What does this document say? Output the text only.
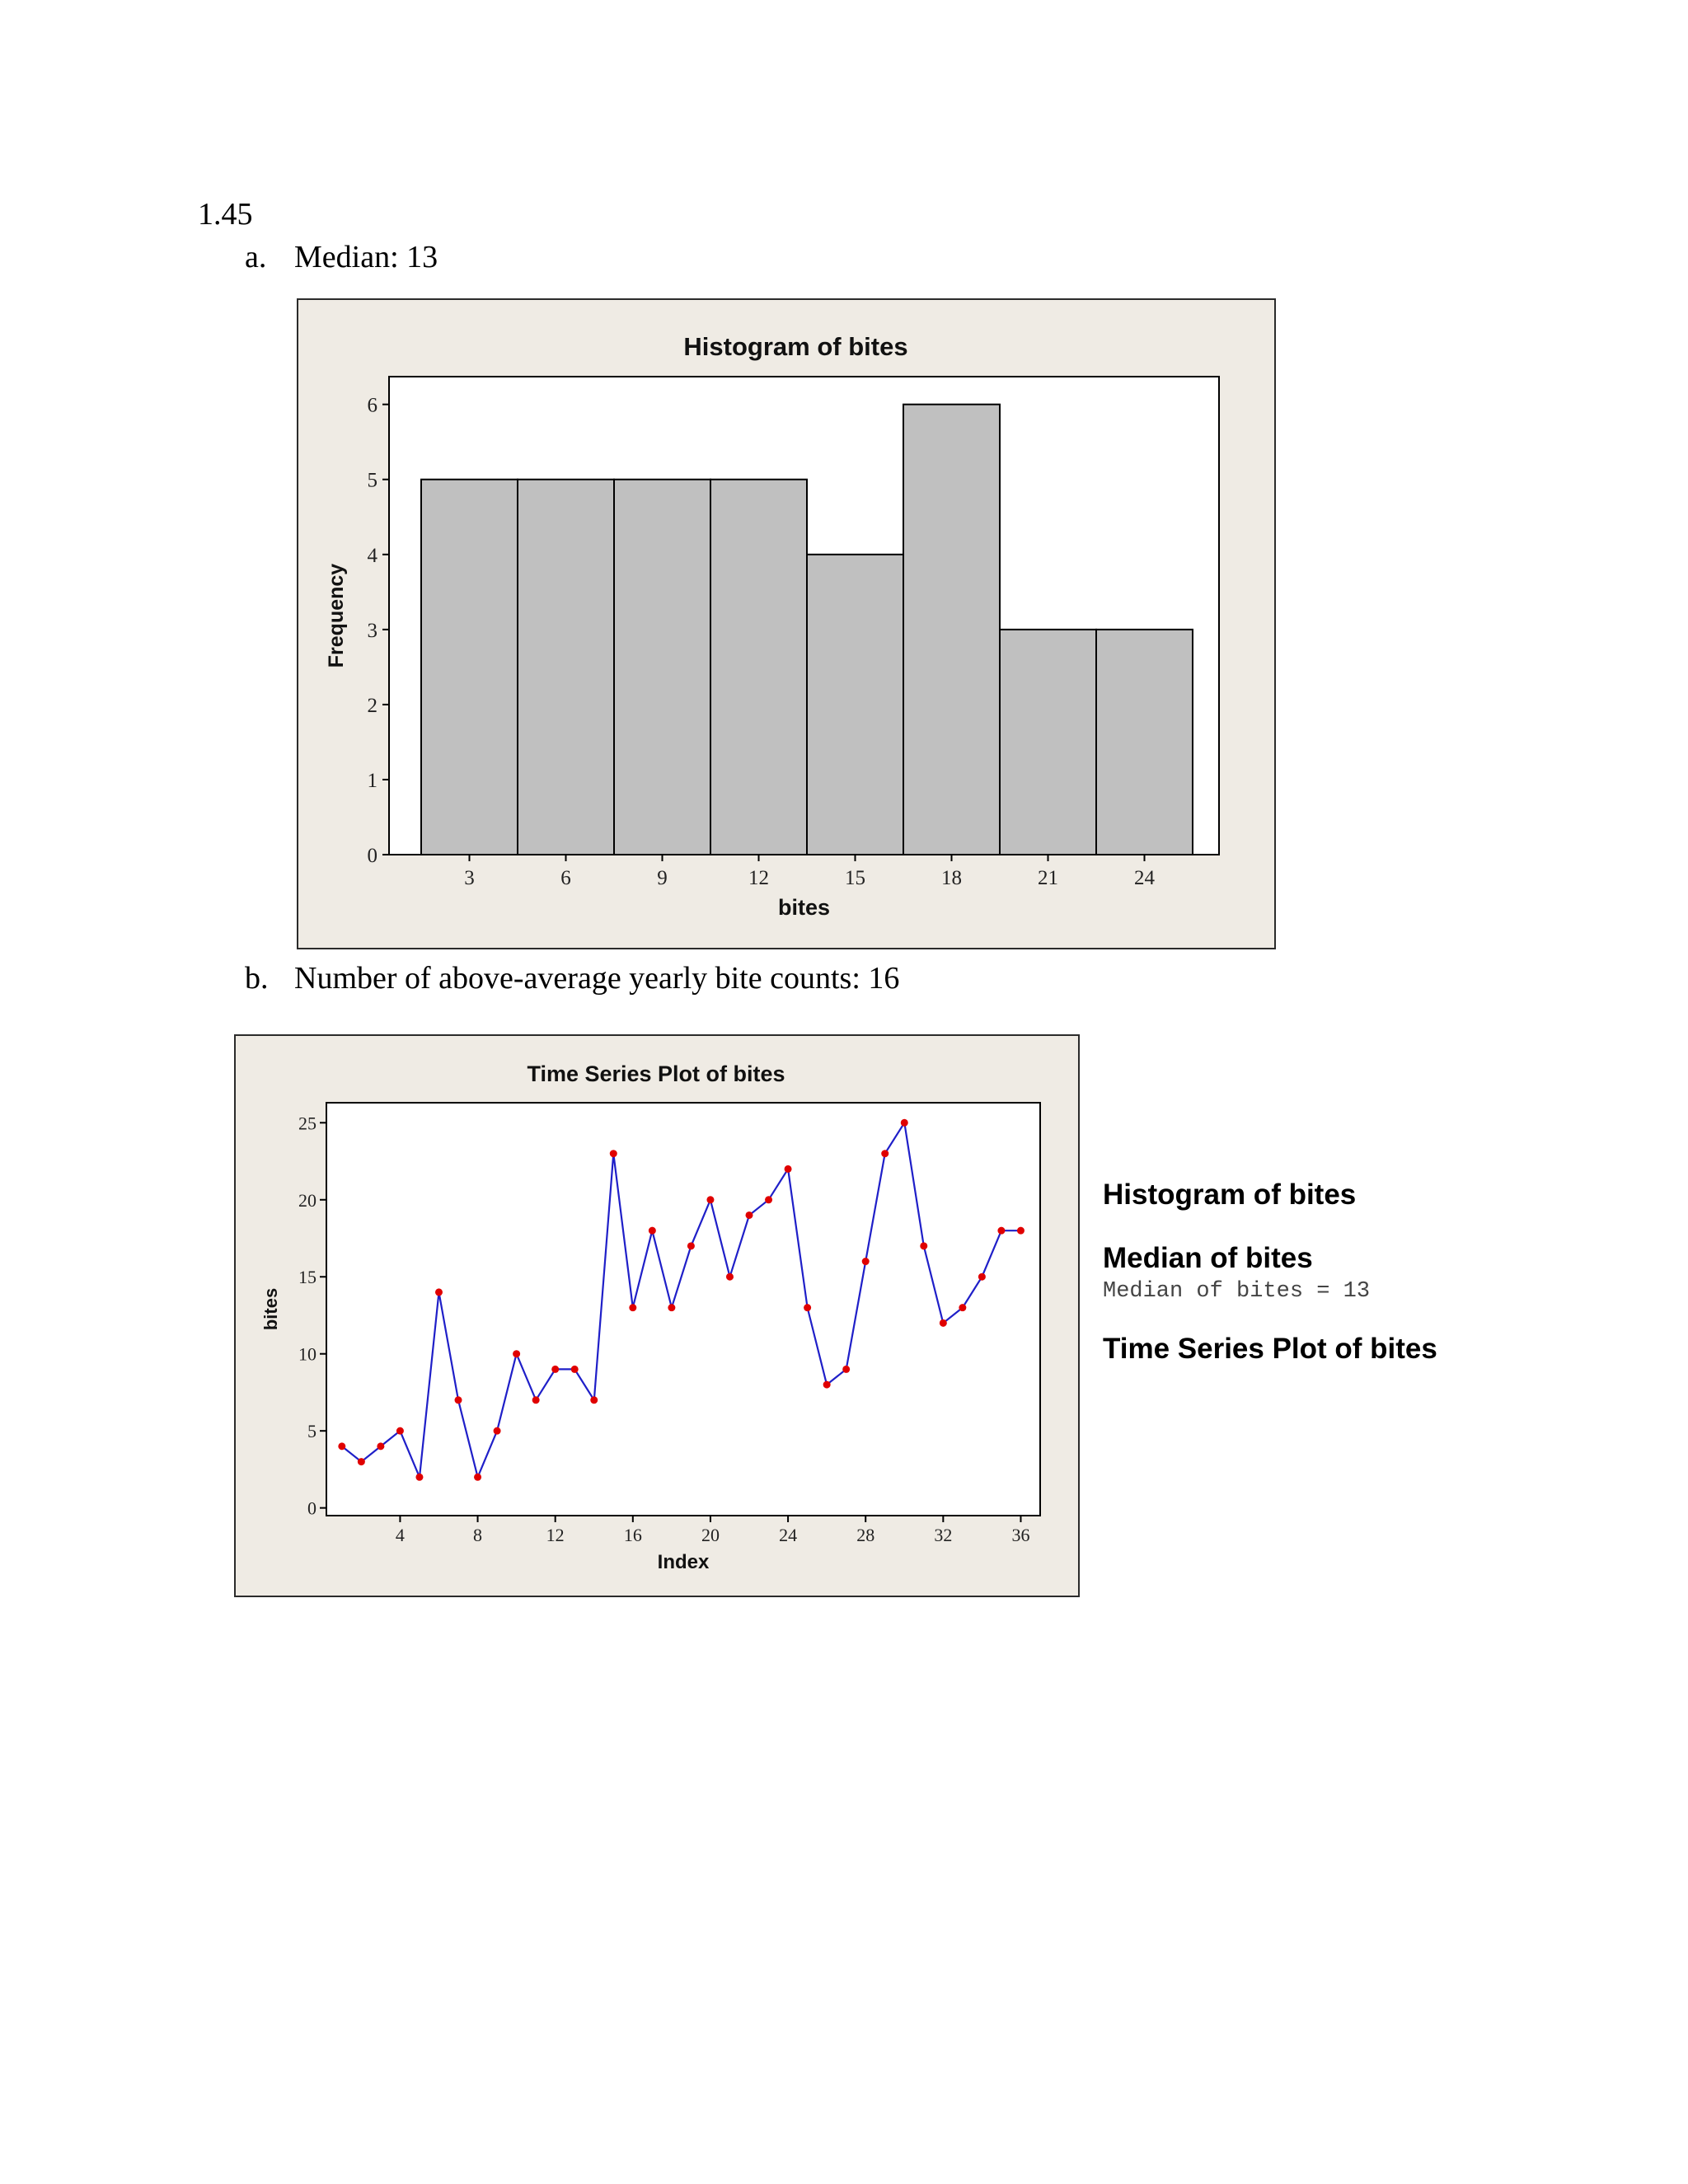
1.45
a. Median: 13
0
1
2
3
4
5
6
3	6	9	12	15	18	21	24
Histogram of bites
bites
Frequency
b. Number of above-average yearly bite counts: 16
0
5
10
15
20
25
4	8	12	16	20	24	28	32	36
Time Series Plot of bites
Index
bites
Histogram of bites
Median of bites
Median of bites = 13
Time Series Plot of bites
